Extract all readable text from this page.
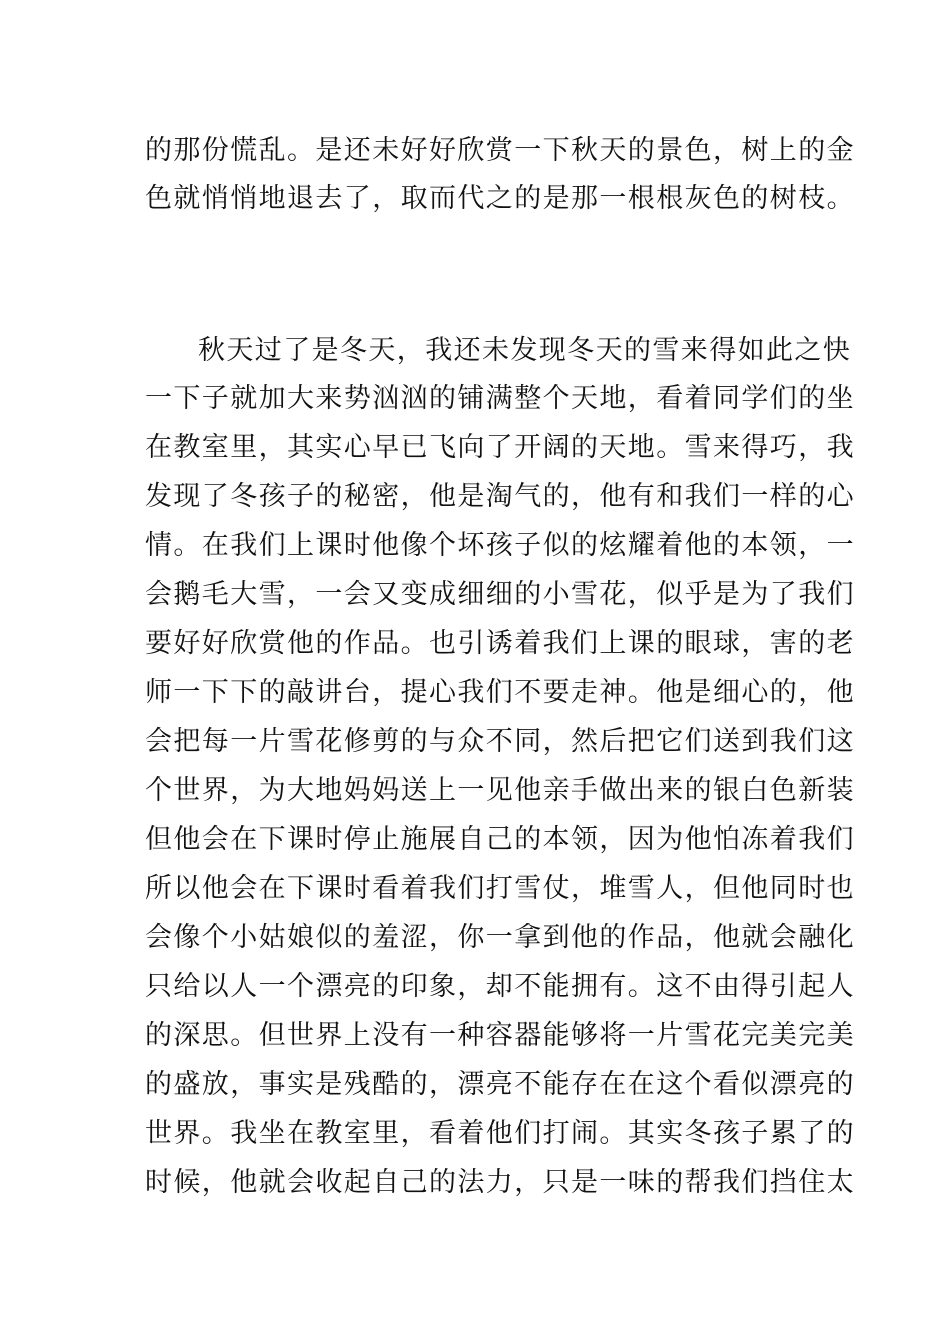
的那份慌乱。是还未好好欣赏一下秋天的景色，树上的金

色就悄悄地退去了，取而代之的是那一根根灰色的树枝。

秋天过了是冬天，我还未发现冬天的雪来得如此之快

一下子就加大来势汹汹的铺满整个天地，看着同学们的坐

在教室里，其实心早已飞向了开阔的天地。雪来得巧，我

发现了冬孩子的秘密，他是淘气的，他有和我们一样的心

情。在我们上课时他像个坏孩子似的炫耀着他的本领，一

会鹅毛大雪，一会又变成细细的小雪花，似乎是为了我们

要好好欣赏他的作品。也引诱着我们上课的眼球，害的老

师一下下的敲讲台，提心我们不要走神。他是细心的，他

会把每一片雪花修剪的与众不同，然后把它们送到我们这

个世界，为大地妈妈送上一见他亲手做出来的银白色新装

但他会在下课时停止施展自己的本领，因为他怕冻着我们

所以他会在下课时看着我们打雪仗，堆雪人，但他同时也

会像个小姑娘似的羞涩，你一拿到他的作品，他就会融化

只给以人一个漂亮的印象，却不能拥有。这不由得引起人

的深思。但世界上没有一种容器能够将一片雪花完美完美

的盛放，事实是残酷的，漂亮不能存在在这个看似漂亮的

世界。我坐在教室里，看着他们打闹。其实冬孩子累了的

时候，他就会收起自己的法力，只是一味的帮我们挡住太
